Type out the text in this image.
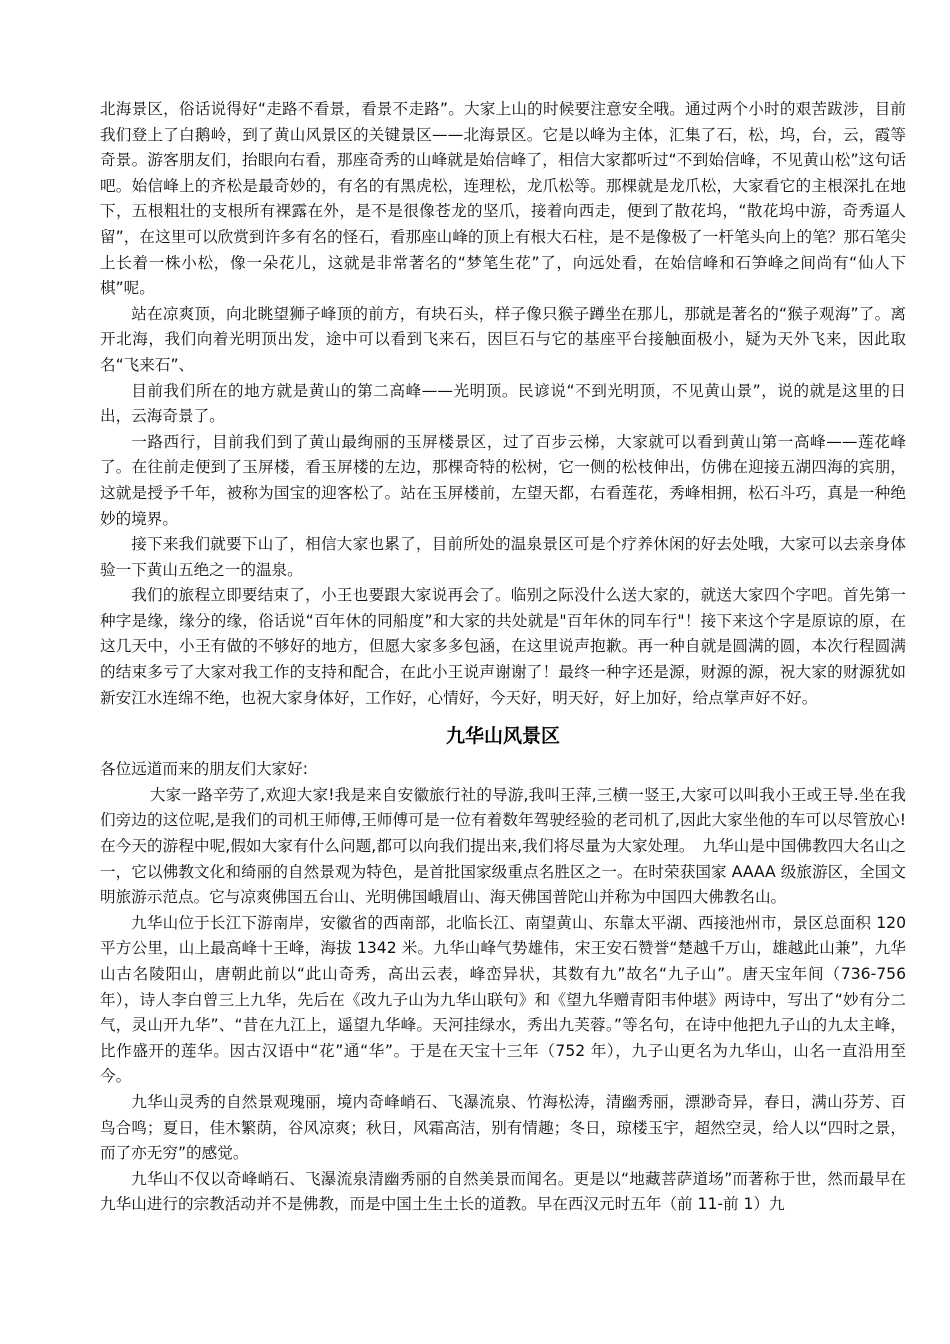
北海景区，俗话说得好“走路不看景，看景不走路”。大家上山的时候要注意安全哦。通过两个小时的艰苦跋涉，目前我们登上了白鹅岭，到了黄山风景区的关键景区——北海景区。它是以峰为主体，汇集了石，松，坞，台，云，霞等奇景。游客朋友们，抬眼向右看，那座奇秀的山峰就是始信峰了，相信大家都听过“不到始信峰，不见黄山松”这句话吧。始信峰上的齐松是最奇妙的，有名的有黑虎松，连理松，龙爪松等。那棵就是龙爪松，大家看它的主根深扎在地下，五根粗壮的支根所有裸露在外，是不是很像苍龙的坚爪，接着向西走，便到了散花坞，“散花坞中游，奇秀逼人留”，在这里可以欣赏到许多有名的怪石，看那座山峰的顶上有根大石柱，是不是像极了一杆笔头向上的笔？那石笔尖上长着一株小松，像一朵花儿，这就是非常著名的“梦笔生花”了，向远处看，在始信峰和石笋峰之间尚有“仙人下棋”呢。

站在凉爽顶，向北眺望狮子峰顶的前方，有块石头，样子像只猴子蹲坐在那儿，那就是著名的“猴子观海”了。离开北海，我们向着光明顶出发，途中可以看到飞来石，因巨石与它的基座平台接触面极小，疑为天外飞来，因此取名“飞来石”、

目前我们所在的地方就是黄山的第二高峰——光明顶。民谚说“不到光明顶，不见黄山景”，说的就是这里的日出，云海奇景了。

一路西行，目前我们到了黄山最绚丽的玉屏楼景区，过了百步云梯，大家就可以看到黄山第一高峰——莲花峰了。在往前走便到了玉屏楼，看玉屏楼的左边，那棵奇特的松树，它一侧的松枝伸出，仿佛在迎接五湖四海的宾朋，这就是授予千年，被称为国宝的迎客松了。站在玉屏楼前，左望天都，右看莲花，秀峰相拥，松石斗巧，真是一种绝妙的境界。

接下来我们就要下山了，相信大家也累了，目前所处的温泉景区可是个疗养休闲的好去处哦，大家可以去亲身体验一下黄山五绝之一的温泉。

我们的旅程立即要结束了，小王也要跟大家说再会了。临别之际没什么送大家的，就送大家四个字吧。首先第一种字是缘，缘分的缘，俗话说“百年休的同船度”和大家的共处就是"百年休的同车行"！接下来这个字是原谅的原，在这几天中，小王有做的不够好的地方，但愿大家多多包涵，在这里说声抱歉。再一种自就是圆满的圆，本次行程圆满的结束多亏了大家对我工作的支持和配合，在此小王说声谢谢了！最终一种字还是源，财源的源，祝大家的财源犹如新安江水连绵不绝，也祝大家身体好，工作好，心情好，今天好，明天好，好上加好，给点掌声好不好。

九华山风景区

各位远道而来的朋友们大家好:

大家一路辛劳了,欢迎大家!我是来自安徽旅行社的导游,我叫王萍,三横一竖王,大家可以叫我小王或王导.坐在我们旁边的这位呢,是我们的司机王师傅,王师傅可是一位有着数年驾驶经验的老司机了,因此大家坐他的车可以尽管放心!在今天的游程中呢,假如大家有什么问题,都可以向我们提出来,我们将尽量为大家处理。　九华山是中国佛教四大名山之一，它以佛教文化和绮丽的自然景观为特色，是首批国家级重点名胜区之一。在时荣获国家 AAAA 级旅游区，全国文明旅游示范点。它与凉爽佛国五台山、光明佛国峨眉山、海天佛国普陀山并称为中国四大佛教名山。

九华山位于长江下游南岸，安徽省的西南部，北临长江、南望黄山、东靠太平湖、西接池州市，景区总面积 120 平方公里，山上最高峰十王峰，海拔 1342 米。九华山峰气势雄伟，宋王安石赞誉“楚越千万山，雄越此山兼”，九华山古名陵阳山，唐朝此前以“此山奇秀，高出云表，峰峦异状，其数有九”故名“九子山”。唐天宝年间（736-756 年），诗人李白曾三上九华，先后在《改九子山为九华山联句》和《望九华赠青阳韦仲堪》两诗中，写出了“妙有分二气，灵山开九华”、“昔在九江上，遥望九华峰。天河挂绿水，秀出九芙蓉。”等名句，在诗中他把九子山的九太主峰，比作盛开的莲华。因古汉语中“花”通“华”。于是在天宝十三年（752 年），九子山更名为九华山，山名一直沿用至今。

九华山灵秀的自然景观瑰丽，境内奇峰峭石、飞瀑流泉、竹海松涛，清幽秀丽，漂渺奇异，春日，满山芬芳、百鸟合鸣；夏日，佳木繁荫，谷风凉爽；秋日，风霜高洁，别有情趣；冬日，琼楼玉宇，超然空灵，给人以“四时之景，而了亦无穷”的感觉。

九华山不仅以奇峰峭石、飞瀑流泉清幽秀丽的自然美景而闻名。更是以“地藏菩萨道场”而著称于世，然而最早在九华山进行的宗教活动并不是佛教，而是中国土生土长的道教。早在西汉元时五年（前 11-前 1）九
